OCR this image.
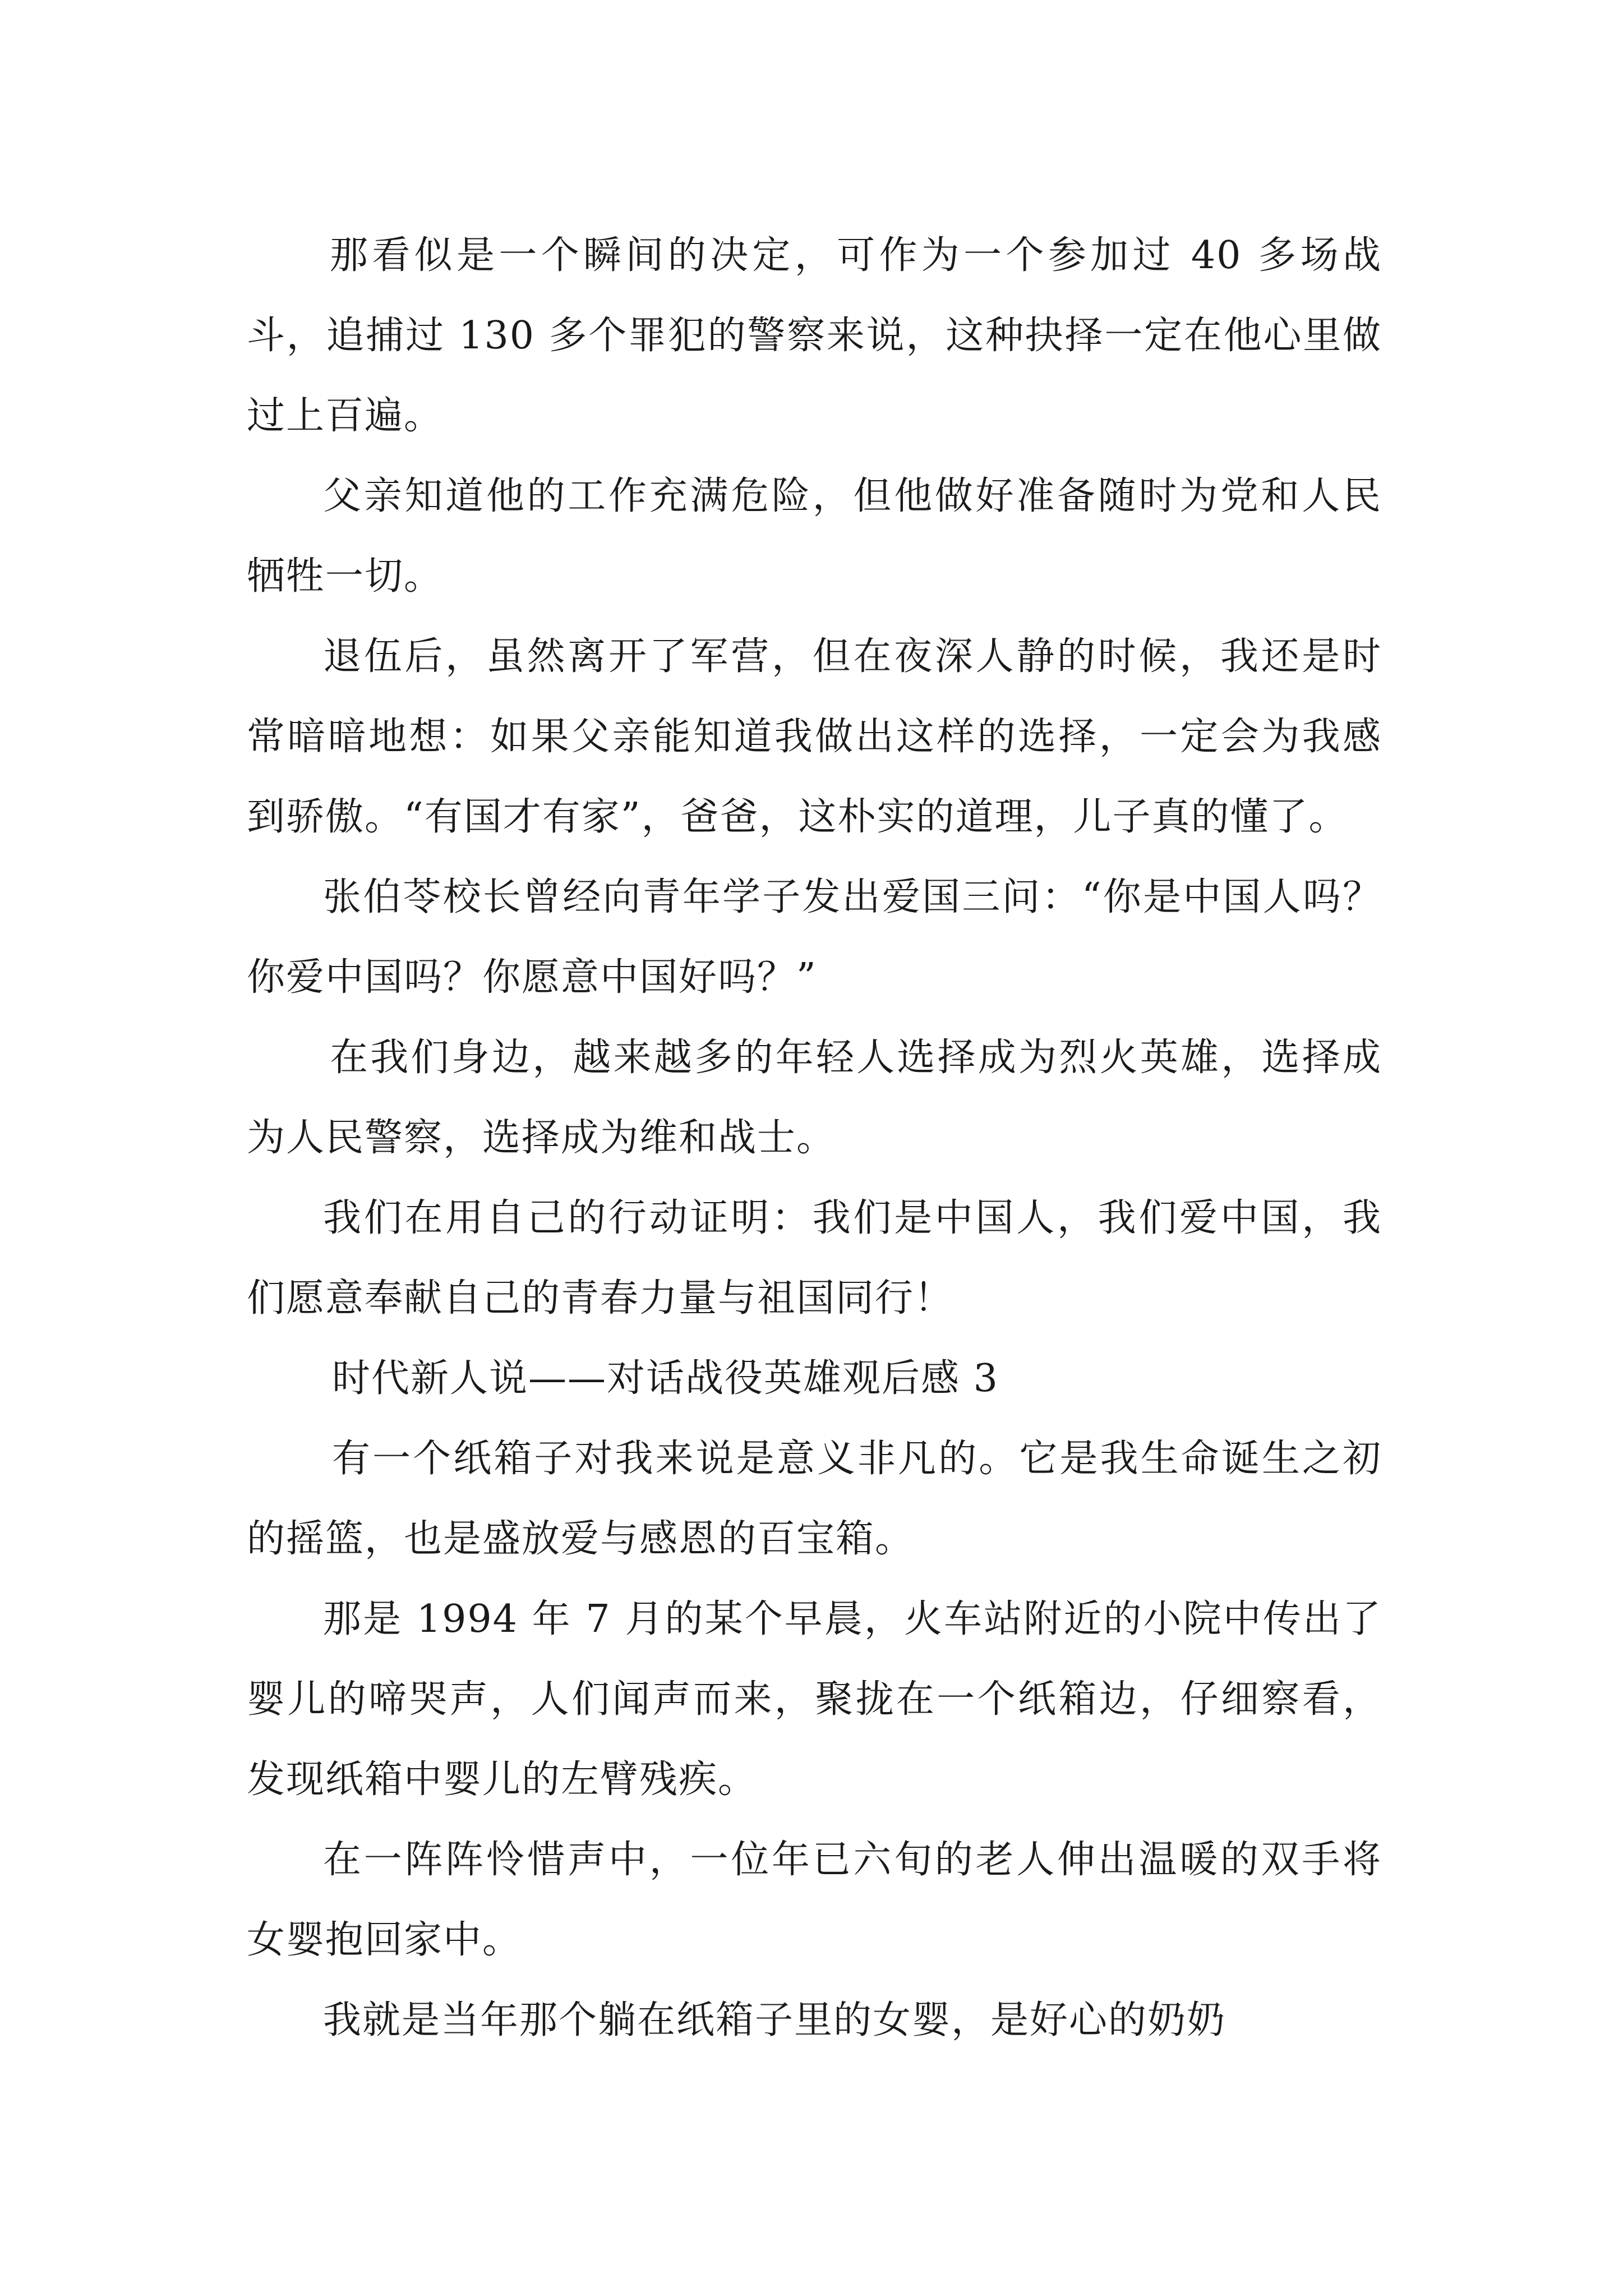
那看似是一个瞬间的决定，可作为一个参加过 40 多场战斗，追捕过 130 多个罪犯的警察来说，这种抉择一定在他心里做过上百遍。

父亲知道他的工作充满危险，但他做好准备随时为党和人民牺牲一切。

退伍后，虽然离开了军营，但在夜深人静的时候，我还是时常暗暗地想：如果父亲能知道我做出这样的选择，一定会为我感到骄傲。“有国才有家”，爸爸，这朴实的道理，儿子真的懂了。

张伯苓校长曾经向青年学子发出爱国三问：“你是中国人吗？你爱中国吗？你愿意中国好吗？”

在我们身边，越来越多的年轻人选择成为烈火英雄，选择成为人民警察，选择成为维和战士。

我们在用自己的行动证明：我们是中国人，我们爱中国，我们愿意奉献自己的青春力量与祖国同行！

时代新人说——对话战役英雄观后感 3

有一个纸箱子对我来说是意义非凡的。它是我生命诞生之初的摇篮，也是盛放爱与感恩的百宝箱。

那是 1994 年 7 月的某个早晨，火车站附近的小院中传出了婴儿的啼哭声，人们闻声而来，聚拢在一个纸箱边，仔细察看，发现纸箱中婴儿的左臂残疾。

在一阵阵怜惜声中，一位年已六旬的老人伸出温暖的双手将女婴抱回家中。

我就是当年那个躺在纸箱子里的女婴，是好心的奶奶
